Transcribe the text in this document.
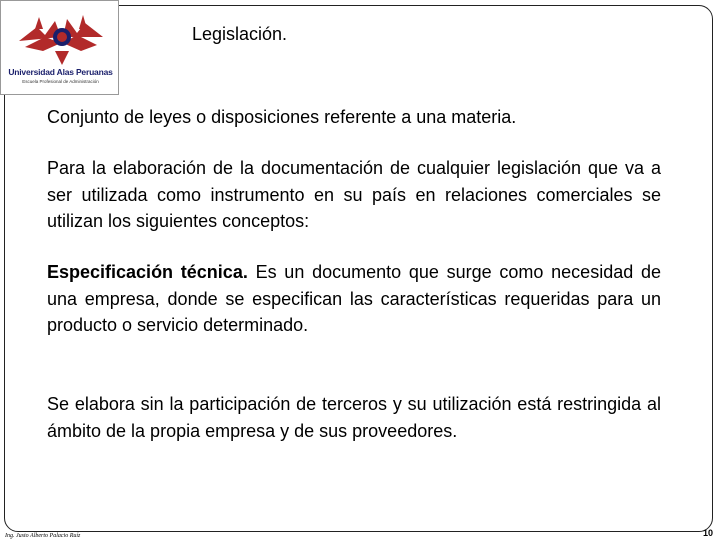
Universidad Alas Peruanas
Escuela Profesional de Administración
Legislación.

Conjunto de leyes o disposiciones referente a una materia.

Para la elaboración de la documentación de cualquier legislación que va a ser utilizada como instrumento en su país en relaciones comerciales se utilizan los siguientes conceptos:

Especificación técnica. Es un documento que surge como necesidad de una empresa, donde se especifican las características requeridas para un producto o servicio determinado.

Se elabora sin la participación de terceros y su utilización está restringida al ámbito de la propia empresa y de sus proveedores.

Ing. Justo Alberto Palacio Ruíz	10
